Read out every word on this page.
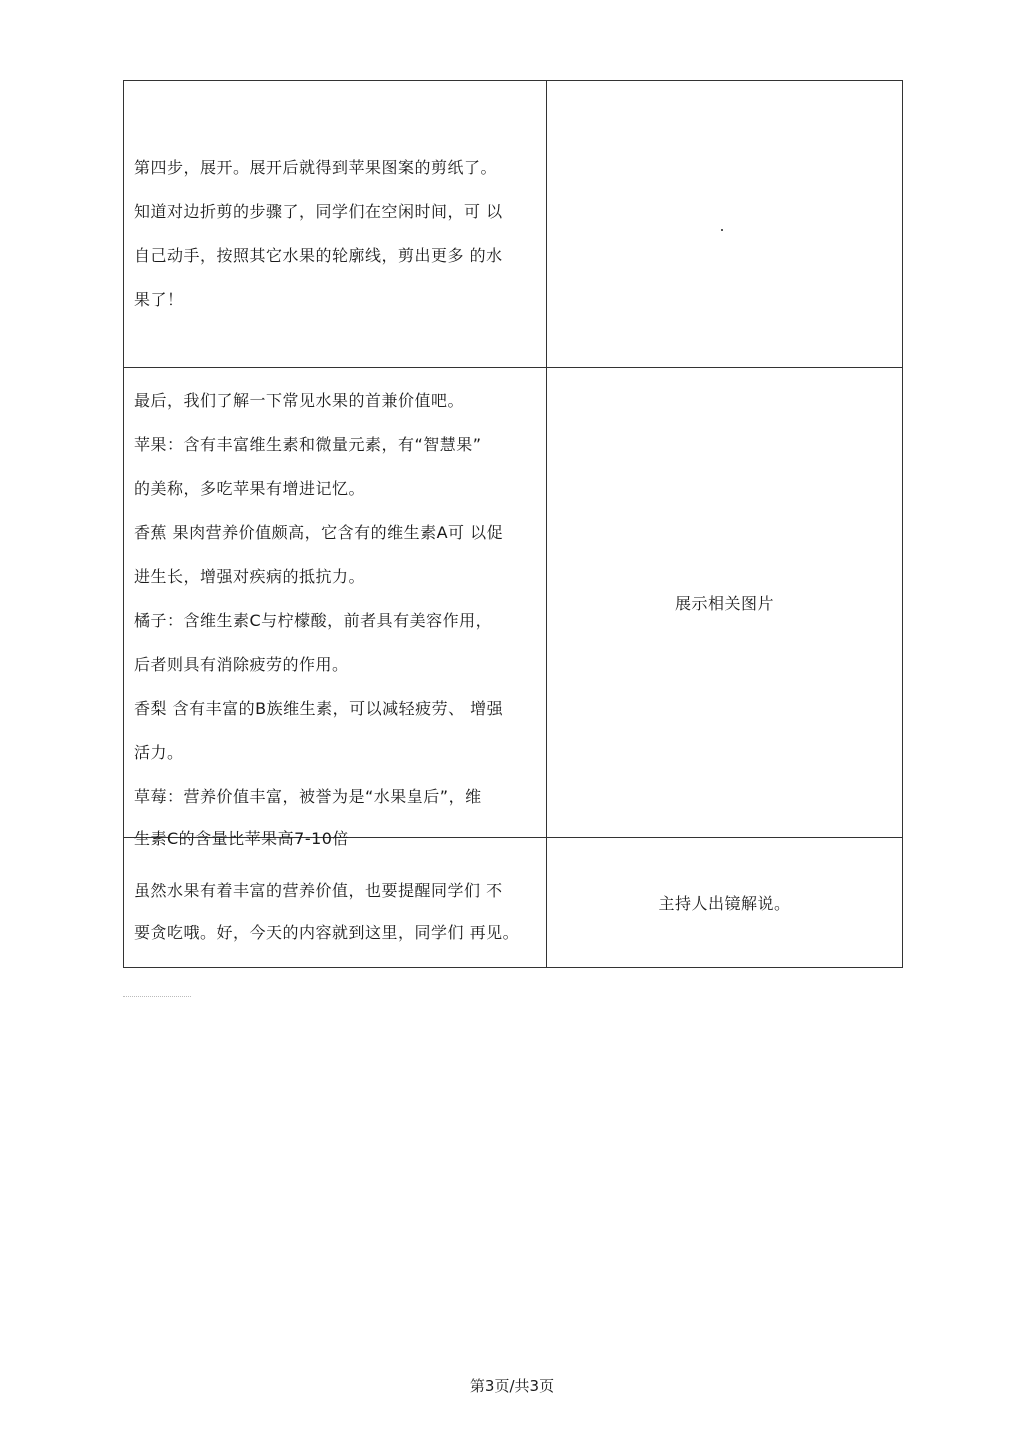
第四步，展开。展开后就得到苹果图案的剪纸了。
知道对边折剪的步骤了，同学们在空闲时间，可 以
自己动手，按照其它水果的轮廓线，剪出更多 的水
果了！
最后，我们了解一下常见水果的首兼价值吧。
苹果：含有丰富维生素和微量元素，有“智慧果”
的美称，多吃苹果有增进记忆。
香蕉 果肉营养价值颇高，它含有的维生素A可 以促
进生长，增强对疾病的抵抗力。
橘子：含维生素C与柠檬酸，前者具有美容作用，
后者则具有消除疲劳的作用。
香梨 含有丰富的B族维生素，可以减轻疲劳、 增强
活力。
草莓：营养价值丰富，被誉为是“水果皇后”，维
生素C的含量比苹果高7-10倍
展示相关图片
虽然水果有着丰富的营养价值，也要提醒同学们 不
要贪吃哦。好，今天的内容就到这里，同学们 再见。
主持人出镜解说。
第3页/共3页
